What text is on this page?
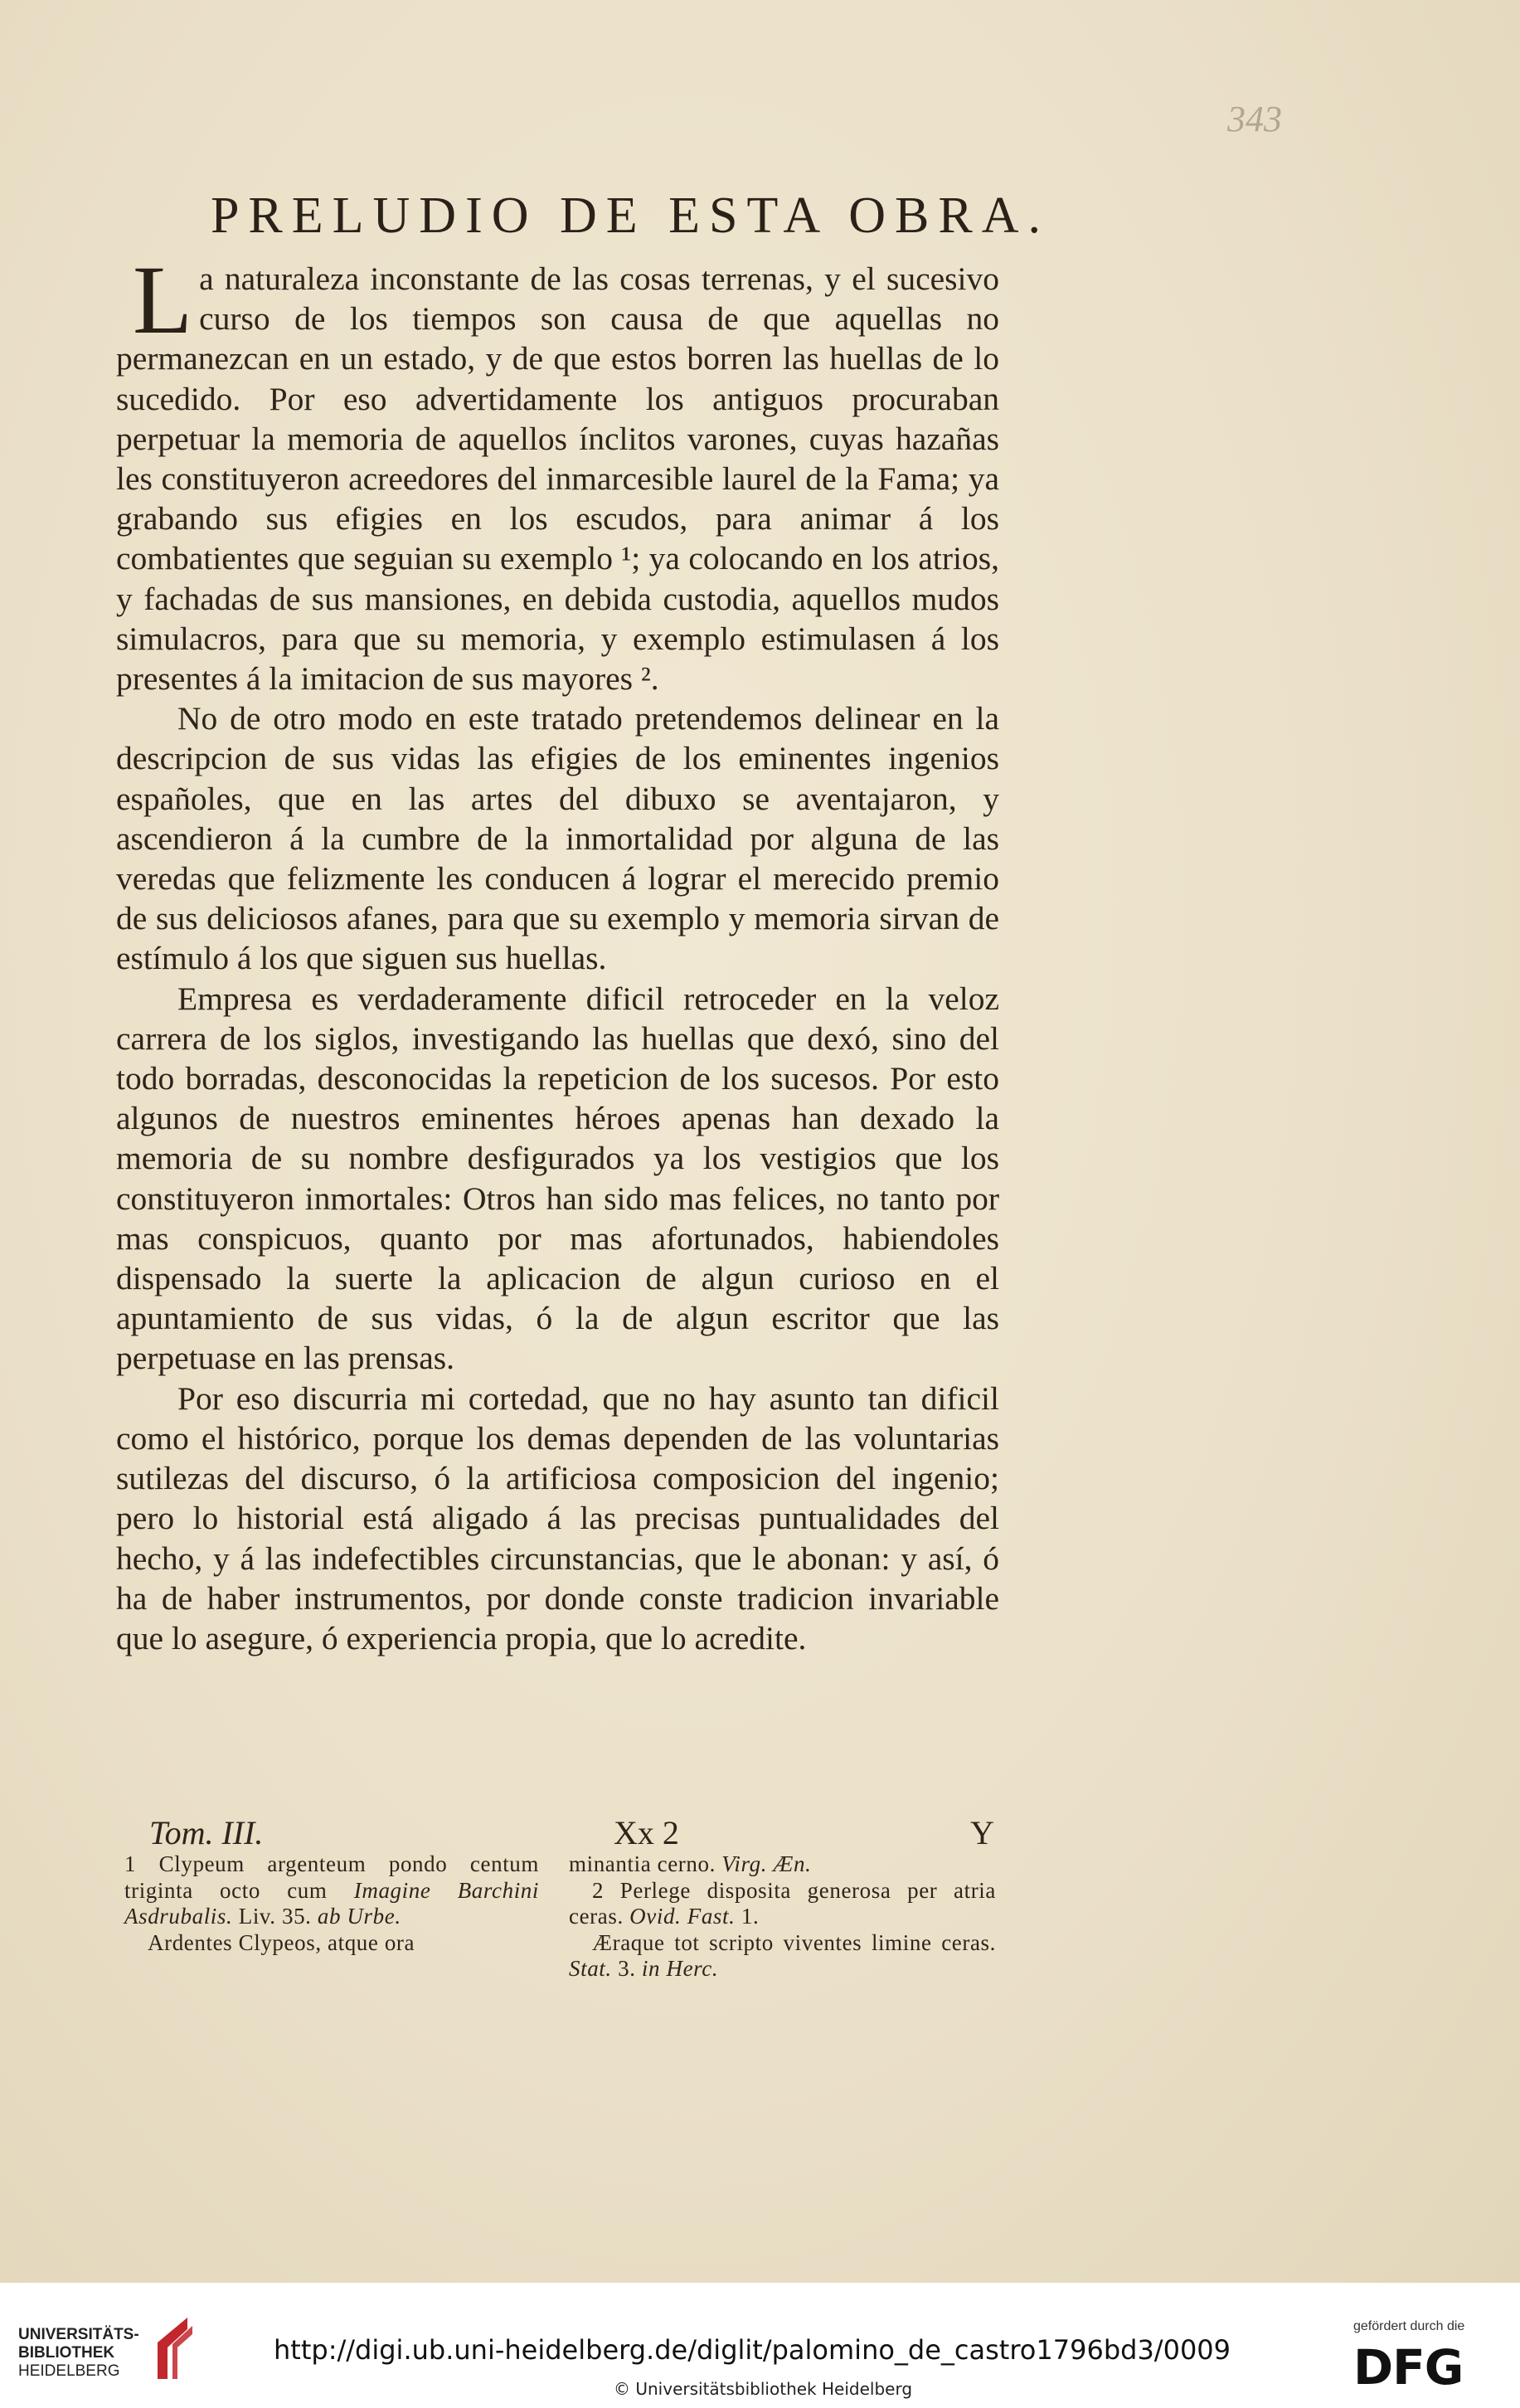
343
PRELUDIO DE ESTA OBRA.

La naturaleza inconstante de las cosas terrenas, y el sucesivo curso de los tiempos son causa de que aquellas no permanezcan en un estado, y de que estos borren las huellas de lo sucedido. Por eso advertidamente los antiguos procuraban perpetuar la memoria de aquellos ínclitos varones, cuyas hazañas les constituyeron acreedores del inmarcesible laurel de la Fama; ya grabando sus efigies en los escudos, para animar á los combatientes que seguian su exemplo ¹; ya colocando en los atrios, y fachadas de sus mansiones, en debida custodia, aquellos mudos simulacros, para que su memoria, y exemplo estimulasen á los presentes á la imitacion de sus mayores ².

No de otro modo en este tratado pretendemos delinear en la descripcion de sus vidas las efigies de los eminentes ingenios españoles, que en las artes del dibuxo se aventajaron, y ascendieron á la cumbre de la inmortalidad por alguna de las veredas que felizmente les conducen á lograr el merecido premio de sus deliciosos afanes, para que su exemplo y memoria sirvan de estímulo á los que siguen sus huellas.

Empresa es verdaderamente dificil retroceder en la veloz carrera de los siglos, investigando las huellas que dexó, sino del todo borradas, desconocidas la repeticion de los sucesos. Por esto algunos de nuestros eminentes héroes apenas han dexado la memoria de su nombre desfigurados ya los vestigios que los constituyeron inmortales: Otros han sido mas felices, no tanto por mas conspicuos, quanto por mas afortunados, habiendoles dispensado la suerte la aplicacion de algun curioso en el apuntamiento de sus vidas, ó la de algun escritor que las perpetuase en las prensas.

Por eso discurria mi cortedad, que no hay asunto tan dificil como el histórico, porque los demas dependen de las voluntarias sutilezas del discurso, ó la artificiosa composicion del ingenio; pero lo historial está aligado á las precisas puntualidades del hecho, y á las indefectibles circunstancias, que le abonan: y así, ó ha de haber instrumentos, por donde conste tradicion invariable que lo asegure, ó experiencia propia, que lo acredite.

Tom. III.	Xx 2	Y

1 Clypeum argenteum pondo centum triginta octo cum Imagine Barchini Asdrubalis. Liv. 35. ab Urbe.

Ardentes Clypeos, atque ora

minantia cerno. Virg. Æn.

2 Perlege disposita generosa per atria ceras. Ovid. Fast. 1.

Æraque tot scripto viventes limine ceras. Stat. 3. in Herc.

UNIVERSITÄTS-
BIBLIOTHEK
HEIDELBERG
http://digi.ub.uni-heidelberg.de/diglit/palomino_de_castro1796bd3/0009
© Universitätsbibliothek Heidelberg
gefördert durch die
DFG
